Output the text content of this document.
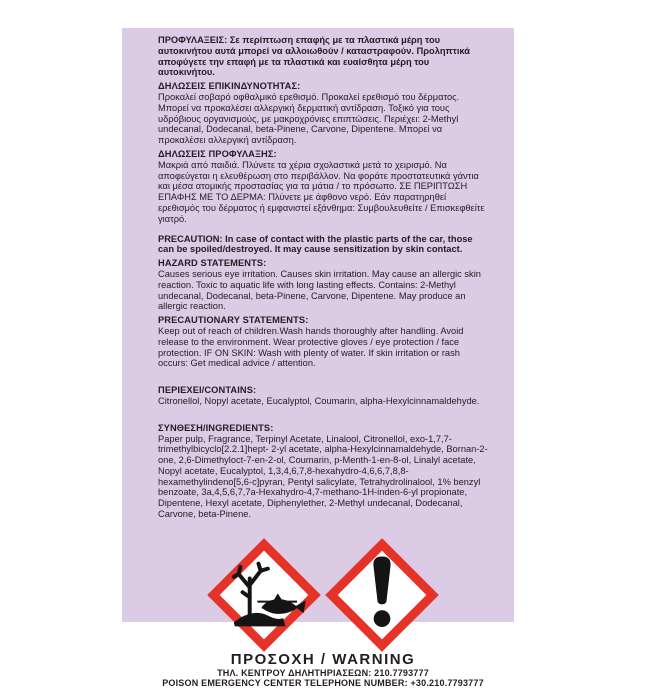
ΠΡΟΦΥΛΑΞΕΙΣ: Σε περίπτωση επαφής με τα πλαστικά μέρη του αυτοκινήτου αυτά μπορεί να αλλοιωθούν / καταστραφούν. Προληπτικά αποφύγετε την επαφή με τα πλαστικά και ευαίσθητα μέρη του αυτοκινήτου.

ΔΗΛΩΣΕΙΣ ΕΠΙΚΙΝΔΥΝΟΤΗΤΑΣ:

Προκαλεί σοβαρό οφθαλμικό ερεθισμό. Προκαλεί ερεθισμό του δέρματος. Μπορεί να προκαλέσει αλλεργική δερματική αντίδραση. Τοξικό για τους υδρόβιους οργανισμούς, με μακροχρόνιες επιπτώσεις. Περιέχει: 2-Methyl undecanal, Dodecanal, beta-Pinene, Carvone, Dipentene. Μπορεί να προκαλέσει αλλεργική αντίδραση.

ΔΗΛΩΣΕΙΣ ΠΡΟΦΥΛΑΞΗΣ:

Μακριά από παιδιά. Πλύνετε τα χέρια σχολαστικά μετά το χειρισμό. Να αποφεύγεται η ελευθέρωση στο περιβάλλον. Να φοράτε προστατευτικά γάντια και μέσα ατομικής προστασίας για τα μάτια / το πρόσωπο. ΣΕ ΠΕΡΙΠΤΩΣΗ ΕΠΑΦΗΣ ΜΕ ΤΟ ΔΕΡΜΑ: Πλύνετε με άφθονο νερό. Εάν παρατηρηθεί ερεθισμός του δέρματος ή εμφανιστεί εξάνθημα: Συμβουλευθείτε / Επισκεφθείτε γιατρό.

PRECAUTION: In case of contact with the plastic parts of the car, those can be spoiled/destroyed. It may cause sensitization by skin contact.

HAZARD STATEMENTS:

Causes serious eye irritation. Causes skin irritation. May cause an allergic skin reaction. Toxic to aquatic life with long lasting effects. Contains: 2-Methyl undecanal, Dodecanal, beta-Pinene, Carvone, Dipentene. May produce an allergic reaction.

PRECAUTIONARY STATEMENTS:

Keep out of reach of children.Wash hands thoroughly after handling. Avoid release to the environment. Wear protective gloves / eye protection / face protection. IF ON SKIN: Wash with plenty of water. If skin irritation or rash occurs: Get medical advice / attention.

ΠΕΡΙΕΧΕΙ/CONTAINS:

Citronellol, Nopyl acetate, Eucalyptol, Coumarin, alpha-Hexylcinnamaldehyde.

ΣΥΝΘΕΣΗ/INGREDIENTS:

Paper pulp, Fragrance, Terpinyl Acetate, Linalool, Citronellol, exo-1,7,7-trimethylbicyclo[2.2.1]hept- 2-yl acetate, alpha-Hexylcinnamaldehyde, Bornan-2-one, 2,6-Dimethyloct-7-en-2-ol, Coumarin, p-Menth-1-en-8-ol, Linalyl acetate, Nopyl acetate, Eucalyptol, 1,3,4,6,7,8-hexahydro-4,6,6,7,8,8-hexamethylindeno[5,6-c]pyran, Pentyl salicylate, Tetrahydrolinalool, 1% benzyl benzoate, 3a,4,5,6,7,7a-Hexahydro-4,7-methano-1H-inden-6-yl propionate, Dipentene, Hexyl acetate, Diphenylether, 2-Methyl undecanal, Dodecanal, Carvone, beta-Pinene.

ΠΡΟΣΟΧΗ / WARNING
ΤΗΛ. ΚΕΝΤΡΟΥ ΔΗΛΗΤΗΡΙΑΣΕΩΝ: 210.7793777
POISON EMERGENCY CENTER TELEPHONE NUMBER: +30.210.7793777
